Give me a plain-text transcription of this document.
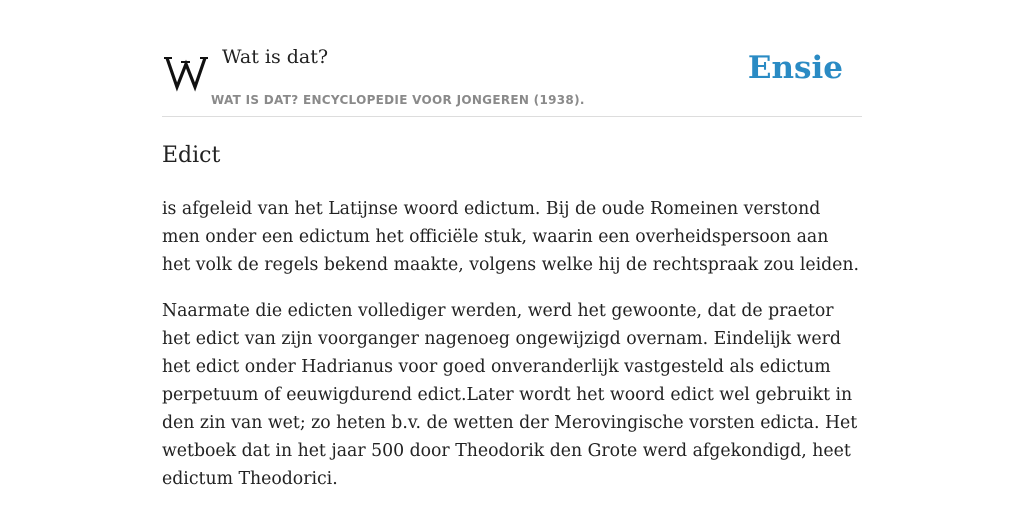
Wat is dat?
WAT IS DAT? ENCYCLOPEDIE VOOR JONGEREN (1938).
Ensie
Edict

is afgeleid van het Latijnse woord edictum. Bij de oude Romeinen verstond men onder een edictum het officiële stuk, waarin een overheidspersoon aan het volk de regels bekend maakte, volgens welke hij de rechtspraak zou leiden.

Naarmate die edicten vollediger werden, werd het gewoonte, dat de praetor het edict van zijn voorganger nagenoeg ongewijzigd overnam. Eindelijk werd het edict onder Hadrianus voor goed onveranderlijk vastgesteld als edictum perpetuum of eeuwigdurend edict.Later wordt het woord edict wel gebruikt in den zin van wet; zo heten b.v. de wetten der Merovingische vorsten edicta. Het wetboek dat in het jaar 500 door Theodorik den Grote werd afgekondigd, heet edictum Theodorici.
